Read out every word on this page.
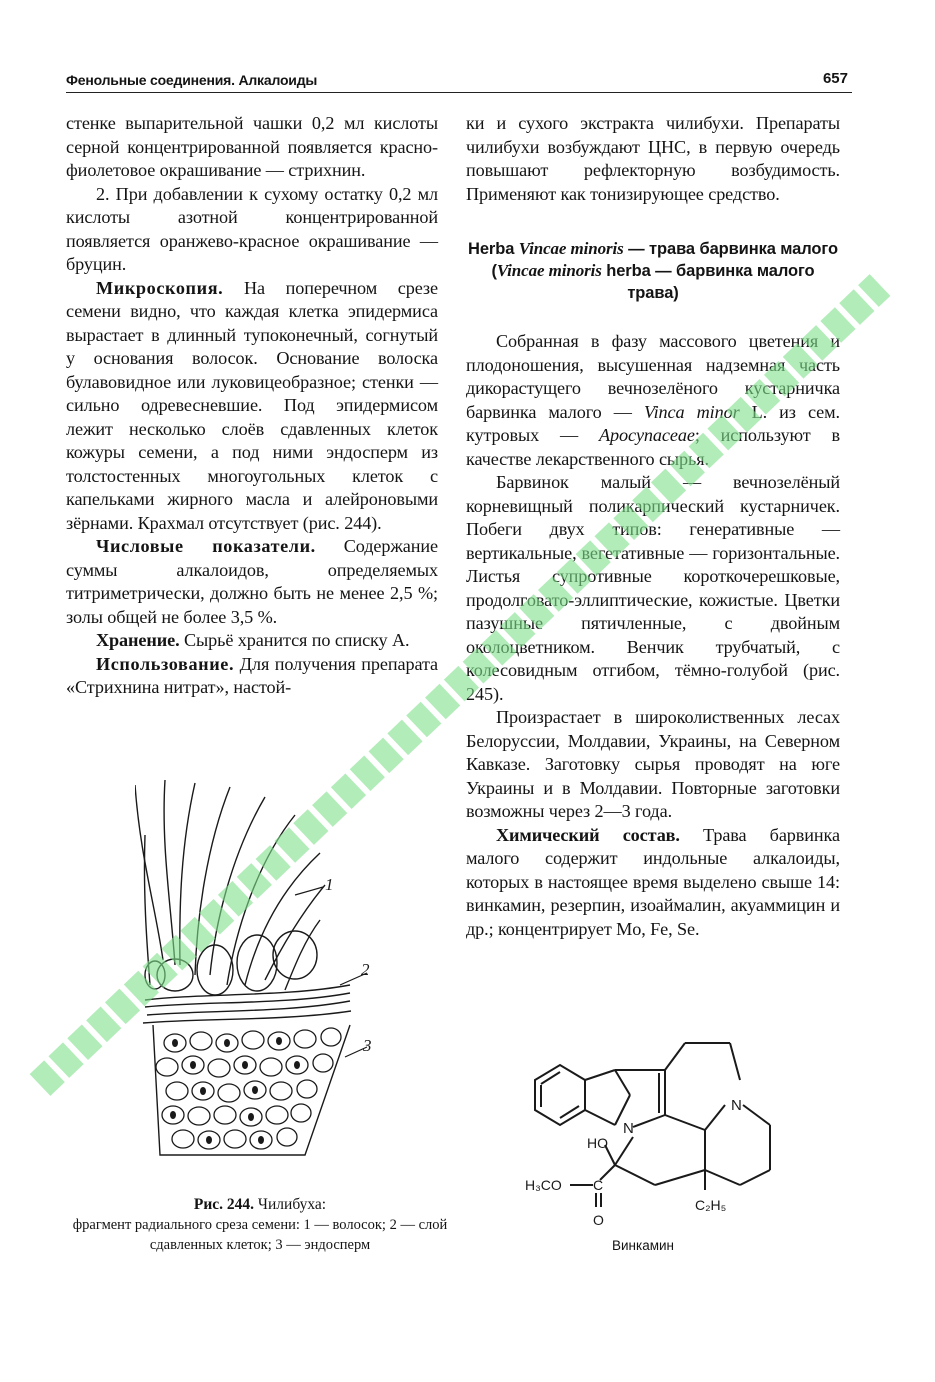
Фенольные соединения. Алкалоиды	657

стенке выпарительной чашки 0,2 мл кислоты серной концентрированной появляется красно-фиолетовое окрашивание — стрихнин.

2. При добавлении к сухому остатку 0,2 мл кислоты азотной концентрированной появляется оранжево-красное окрашивание — бруцин.

Микроскопия. На поперечном срезе семени видно, что каждая клетка эпидермиса вырастает в длинный тупоконечный, согнутый у основания волосок. Основание волоска булавовидное или луковицеобразное; стенки — сильно одревесневшие. Под эпидермисом лежит несколько слоёв сдавленных клеток кожуры семени, а под ними эндосперм из толстостенных многоугольных клеток с капельками жирного масла и алейроновыми зёрнами. Крахмал отсутствует (рис. 244).

Числовые показатели. Содержание суммы алкалоидов, определяемых титриметрически, должно быть не менее 2,5 %; золы общей не более 3,5 %.

Хранение. Сырьё хранится по списку А.

Использование. Для получения препарата «Стрихнина нитрат», настой-

1
2
3
Рис. 244. Чилибуха:
фрагмент радиального среза семени: 1 — волосок; 2 — слой сдавленных клеток; 3 — эндосперм

ки и сухого экстракта чилибухи. Препараты чилибухи возбуждают ЦНС, в первую очередь повышают рефлекторную возбудимость. Применяют как тонизирующее средство.

Herba Vincae minoris — трава барвинка малого (Vincae minoris herba — барвинка малого трава)

Собранная в фазу массового цветения и плодоношения, высушенная надземная часть дикорастущего вечнозелёного кустарничка барвинка малого — Vinca minor L. из сем. кутровых — Apocynaceae; используют в качестве лекарственного сырья.

Барвинок малый — вечнозелёный корневищный поликарпический кустарничек. Побеги двух типов: генеративные — вертикальные, вегетативные — горизонтальные. Листья супротивные короткочерешковые, продолговато-эллиптические, кожистые. Цветки пазушные пятичленные, с двойным околоцветником. Венчик трубчатый, с колесовидным отгибом, тёмно-голубой (рис. 245).

Произрастает в широколиственных лесах Белоруссии, Молдавии, Украины, на Северном Кавказе. Заготовку сырья проводят на юге Украины и в Молдавии. Повторные заготовки возможны через 2—3 года.

Химический состав. Трава барвинка малого содержит индольные алкалоиды, которых в настоящее время выделено свыше 14: винкамин, резерпин, изоаймалин, акуаммицин и др.; концентрирует Mo, Fe, Se.

N
N
HO
H₃CO C
O
C₂H₅
Винкамин
